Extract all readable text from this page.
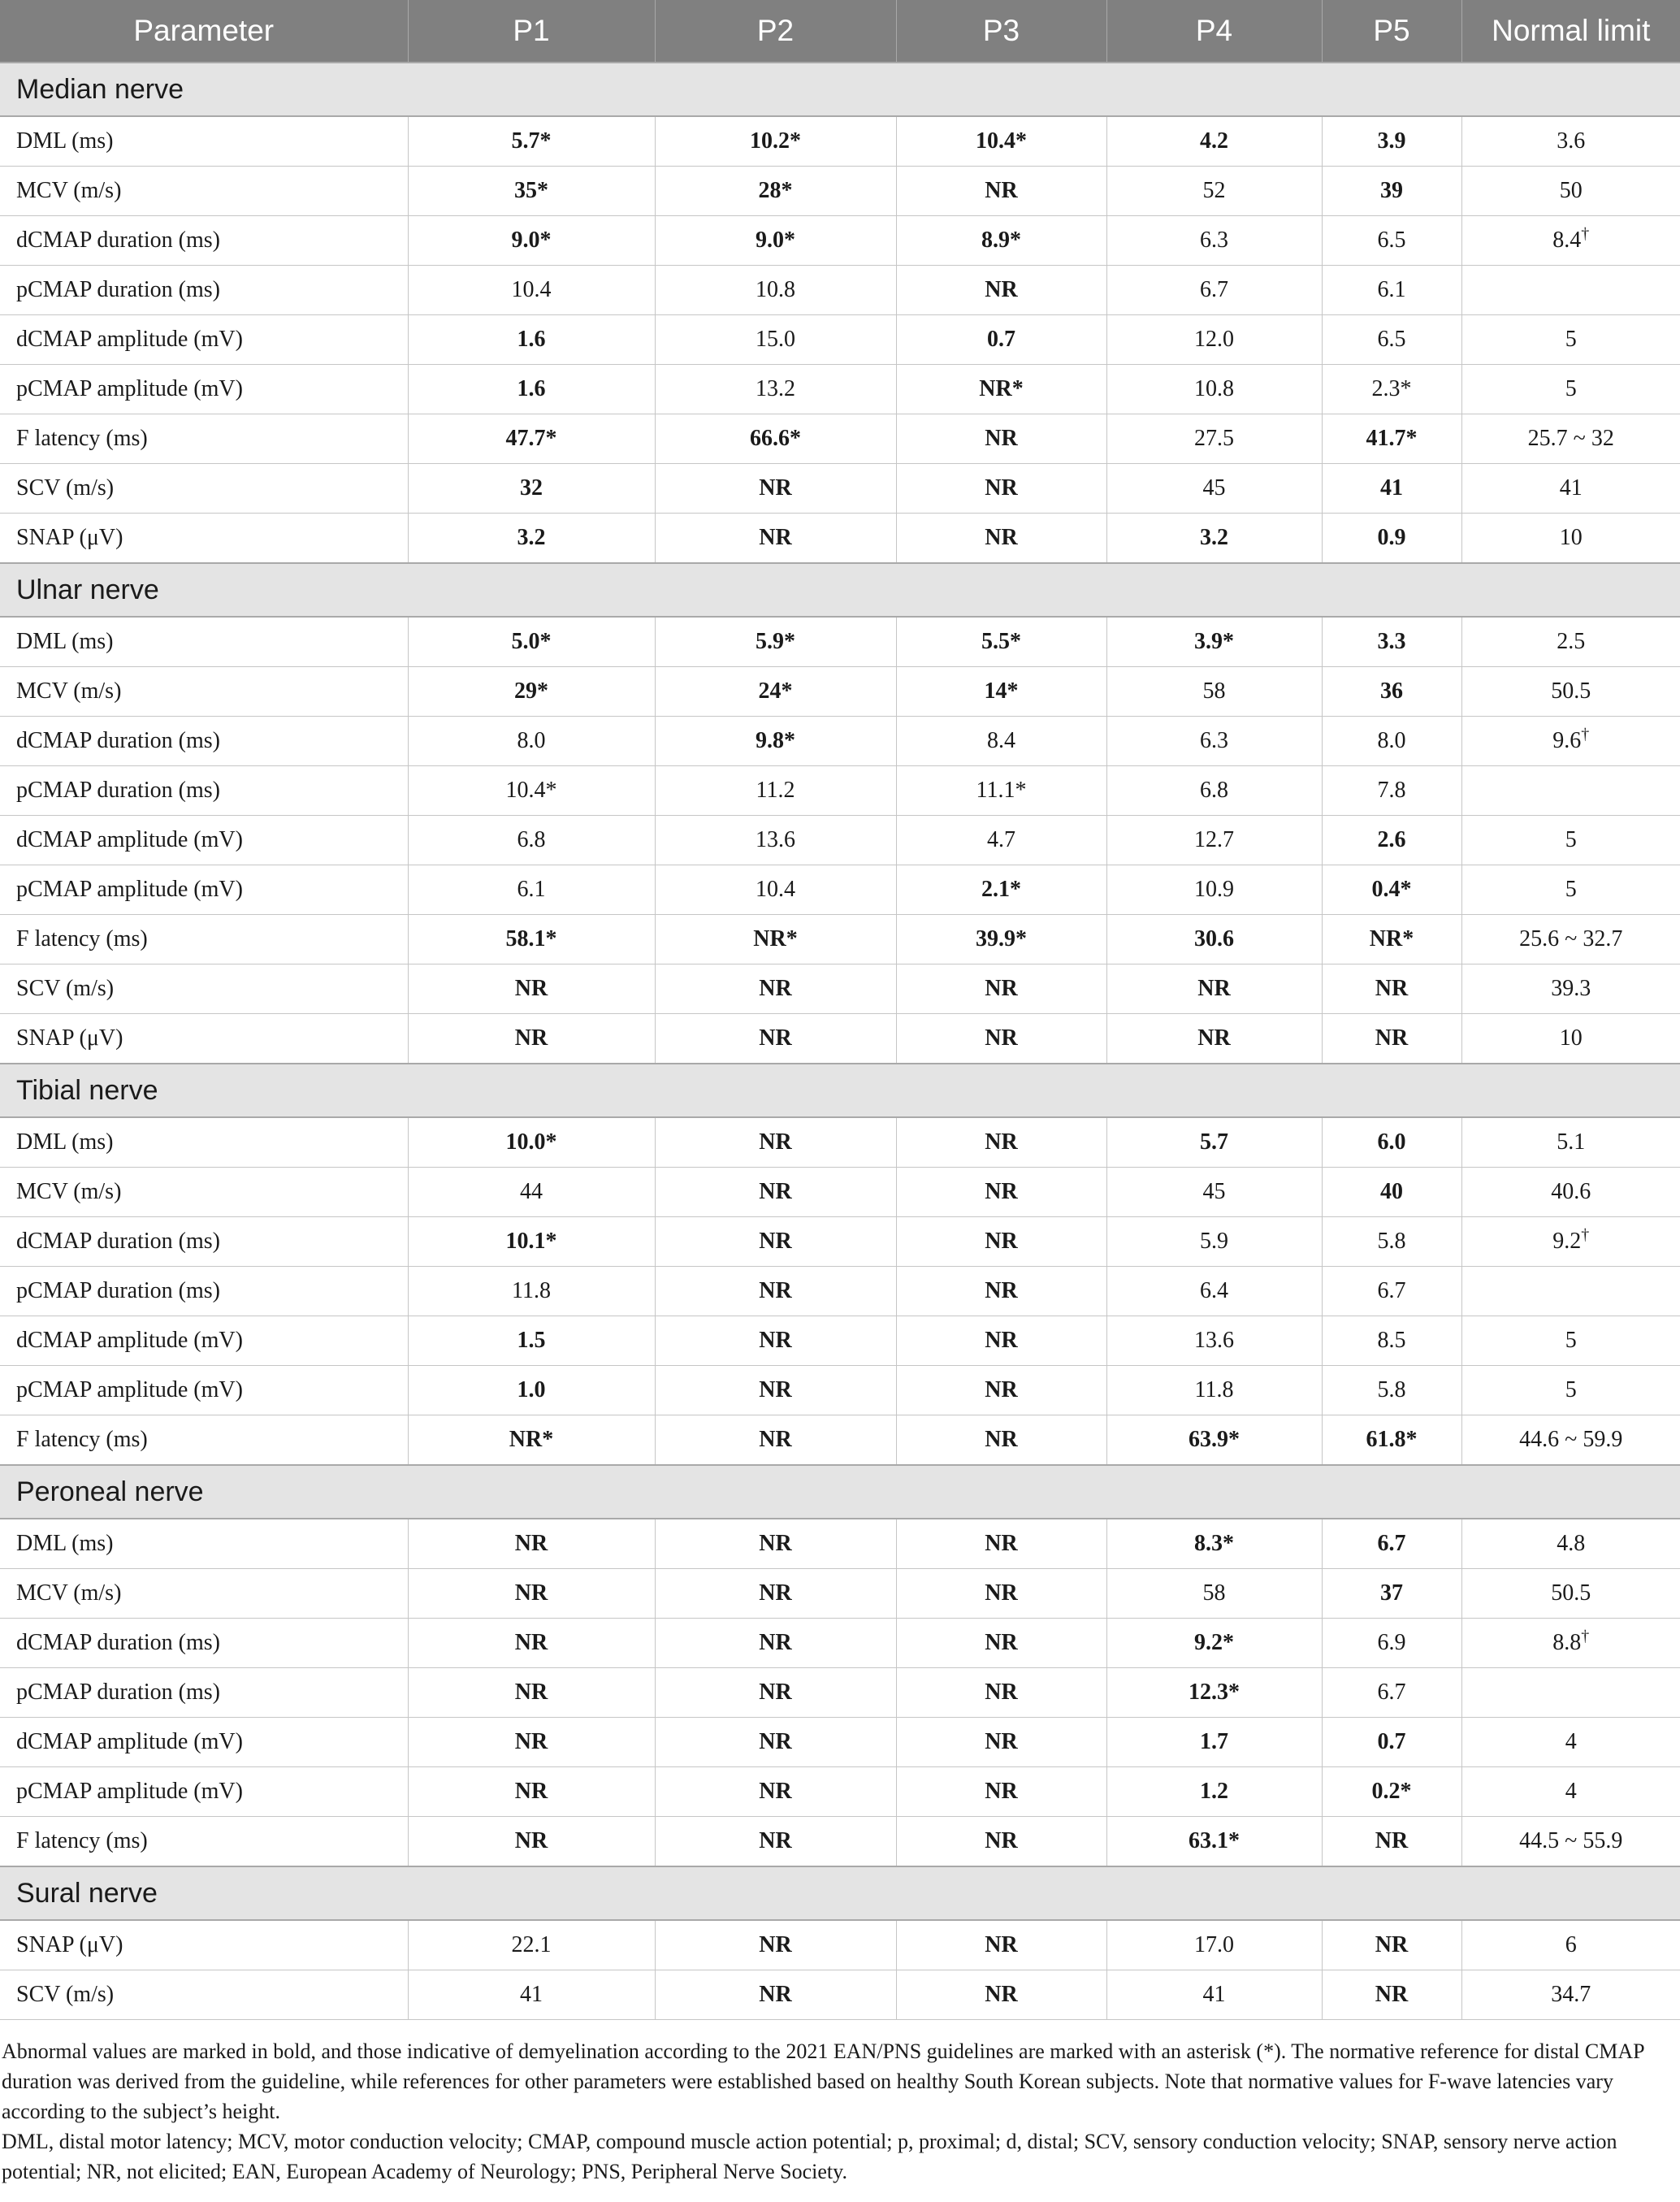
Parameter	P1	P2	P3	P4	P5	Normal limit
Median nerve						
DML (ms)	5.7*	10.2*	10.4*	4.2	3.9	3.6
MCV (m/s)	35*	28*	NR	52	39	50
dCMAP duration (ms)	9.0*	9.0*	8.9*	6.3	6.5	8.4†
pCMAP duration (ms)	10.4	10.8	NR	6.7	6.1	
dCMAP amplitude (mV)	1.6	15.0	0.7	12.0	6.5	5
pCMAP amplitude (mV)	1.6	13.2	NR*	10.8	2.3*	5
F latency (ms)	47.7*	66.6*	NR	27.5	41.7*	25.7 ~ 32
SCV (m/s)	32	NR	NR	45	41	41
SNAP (μV)	3.2	NR	NR	3.2	0.9	10
Ulnar nerve						
DML (ms)	5.0*	5.9*	5.5*	3.9*	3.3	2.5
MCV (m/s)	29*	24*	14*	58	36	50.5
dCMAP duration (ms)	8.0	9.8*	8.4	6.3	8.0	9.6†
pCMAP duration (ms)	10.4*	11.2	11.1*	6.8	7.8	
dCMAP amplitude (mV)	6.8	13.6	4.7	12.7	2.6	5
pCMAP amplitude (mV)	6.1	10.4	2.1*	10.9	0.4*	5
F latency (ms)	58.1*	NR*	39.9*	30.6	NR*	25.6 ~ 32.7
SCV (m/s)	NR	NR	NR	NR	NR	39.3
SNAP (μV)	NR	NR	NR	NR	NR	10
Tibial nerve						
DML (ms)	10.0*	NR	NR	5.7	6.0	5.1
MCV (m/s)	44	NR	NR	45	40	40.6
dCMAP duration (ms)	10.1*	NR	NR	5.9	5.8	9.2†
pCMAP duration (ms)	11.8	NR	NR	6.4	6.7	
dCMAP amplitude (mV)	1.5	NR	NR	13.6	8.5	5
pCMAP amplitude (mV)	1.0	NR	NR	11.8	5.8	5
F latency (ms)	NR*	NR	NR	63.9*	61.8*	44.6 ~ 59.9
Peroneal nerve						
DML (ms)	NR	NR	NR	8.3*	6.7	4.8
MCV (m/s)	NR	NR	NR	58	37	50.5
dCMAP duration (ms)	NR	NR	NR	9.2*	6.9	8.8†
pCMAP duration (ms)	NR	NR	NR	12.3*	6.7	
dCMAP amplitude (mV)	NR	NR	NR	1.7	0.7	4
pCMAP amplitude (mV)	NR	NR	NR	1.2	0.2*	4
F latency (ms)	NR	NR	NR	63.1*	NR	44.5 ~ 55.9
Sural nerve						
SNAP (μV)	22.1	NR	NR	17.0	NR	6
SCV (m/s)	41	NR	NR	41	NR	34.7

Abnormal values are marked in bold, and those indicative of demyelination according to the 2021 EAN/PNS guidelines are marked with an asterisk (*). The normative reference for distal CMAP duration was derived from the guideline, while references for other parameters were established based on healthy South Korean subjects. Note that normative values for F-wave latencies vary according to the subject’s height.

DML, distal motor latency; MCV, motor conduction velocity; CMAP, compound muscle action potential; p, proximal; d, distal; SCV, sensory conduction velocity; SNAP, sensory nerve action potential; NR, not elicited; EAN, European Academy of Neurology; PNS, Peripheral Nerve Society.
